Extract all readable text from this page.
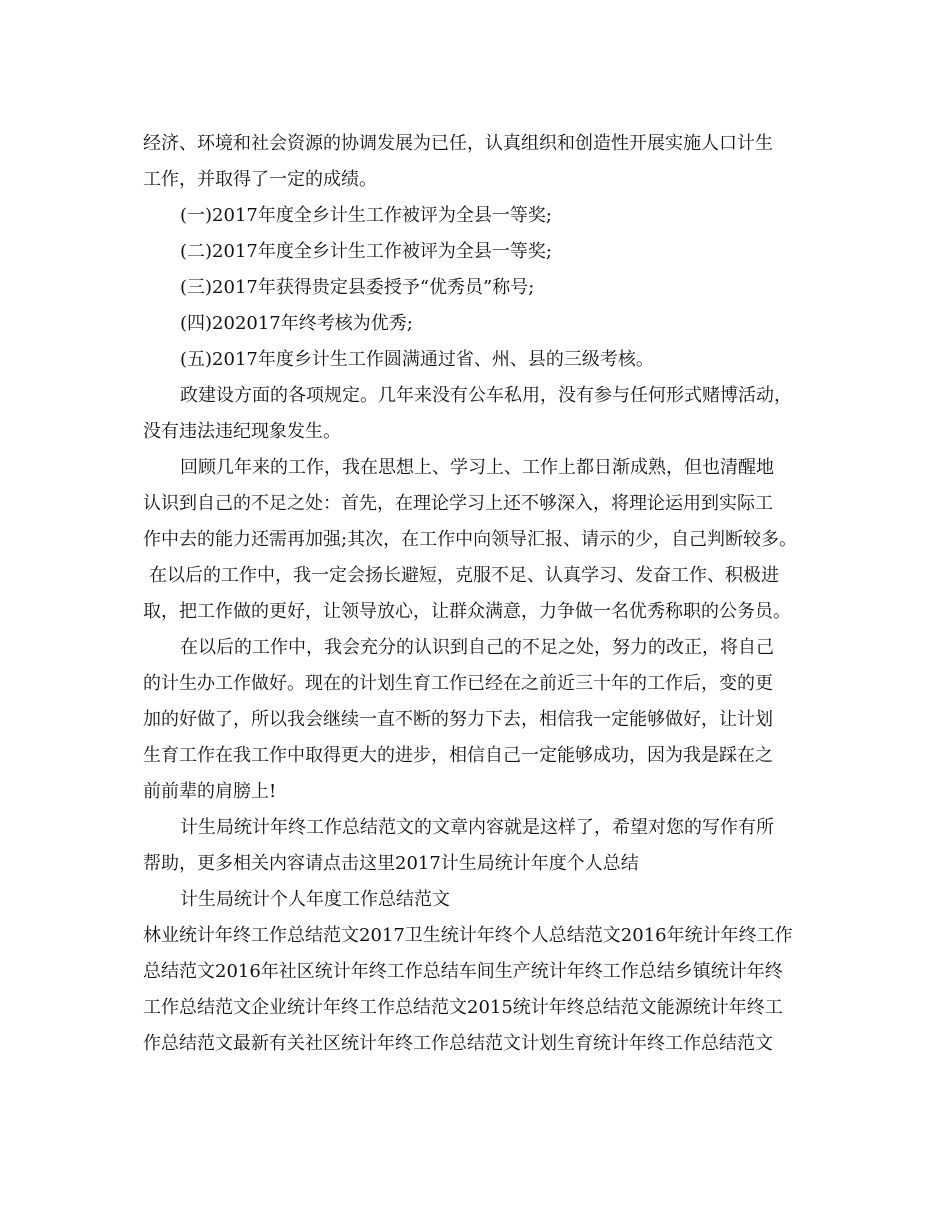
经济、环境和社会资源的协调发展为已任，认真组织和创造性开展实施人口计生
工作，并取得了一定的成绩。
(一)2017年度全乡计生工作被评为全县一等奖;
(二)2017年度全乡计生工作被评为全县一等奖;
(三)2017年获得贵定县委授予“优秀员”称号;
(四)202017年终考核为优秀;
(五)2017年度乡计生工作圆满通过省、州、县的三级考核。
政建设方面的各项规定。几年来没有公车私用，没有参与任何形式赌博活动，
没有违法违纪现象发生。
回顾几年来的工作，我在思想上、学习上、工作上都日渐成熟，但也清醒地
认识到自己的不足之处：首先，在理论学习上还不够深入，将理论运用到实际工
作中去的能力还需再加强;其次，在工作中向领导汇报、请示的少，自己判断较多。
在以后的工作中，我一定会扬长避短，克服不足、认真学习、发奋工作、积极进
取，把工作做的更好，让领导放心，让群众满意，力争做一名优秀称职的公务员。
在以后的工作中，我会充分的认识到自己的不足之处，努力的改正，将自己
的计生办工作做好。现在的计划生育工作已经在之前近三十年的工作后，变的更
加的好做了，所以我会继续一直不断的努力下去，相信我一定能够做好，让计划
生育工作在我工作中取得更大的进步，相信自己一定能够成功，因为我是踩在之
前前辈的肩膀上!
计生局统计年终工作总结范文的文章内容就是这样了，希望对您的写作有所
帮助，更多相关内容请点击这里2017计生局统计年度个人总结
计生局统计个人年度工作总结范文
林业统计年终工作总结范文2017卫生统计年终个人总结范文2016年统计年终工作
总结范文2016年社区统计年终工作总结车间生产统计年终工作总结乡镇统计年终
工作总结范文企业统计年终工作总结范文2015统计年终总结范文能源统计年终工
作总结范文最新有关社区统计年终工作总结范文计划生育统计年终工作总结范文
